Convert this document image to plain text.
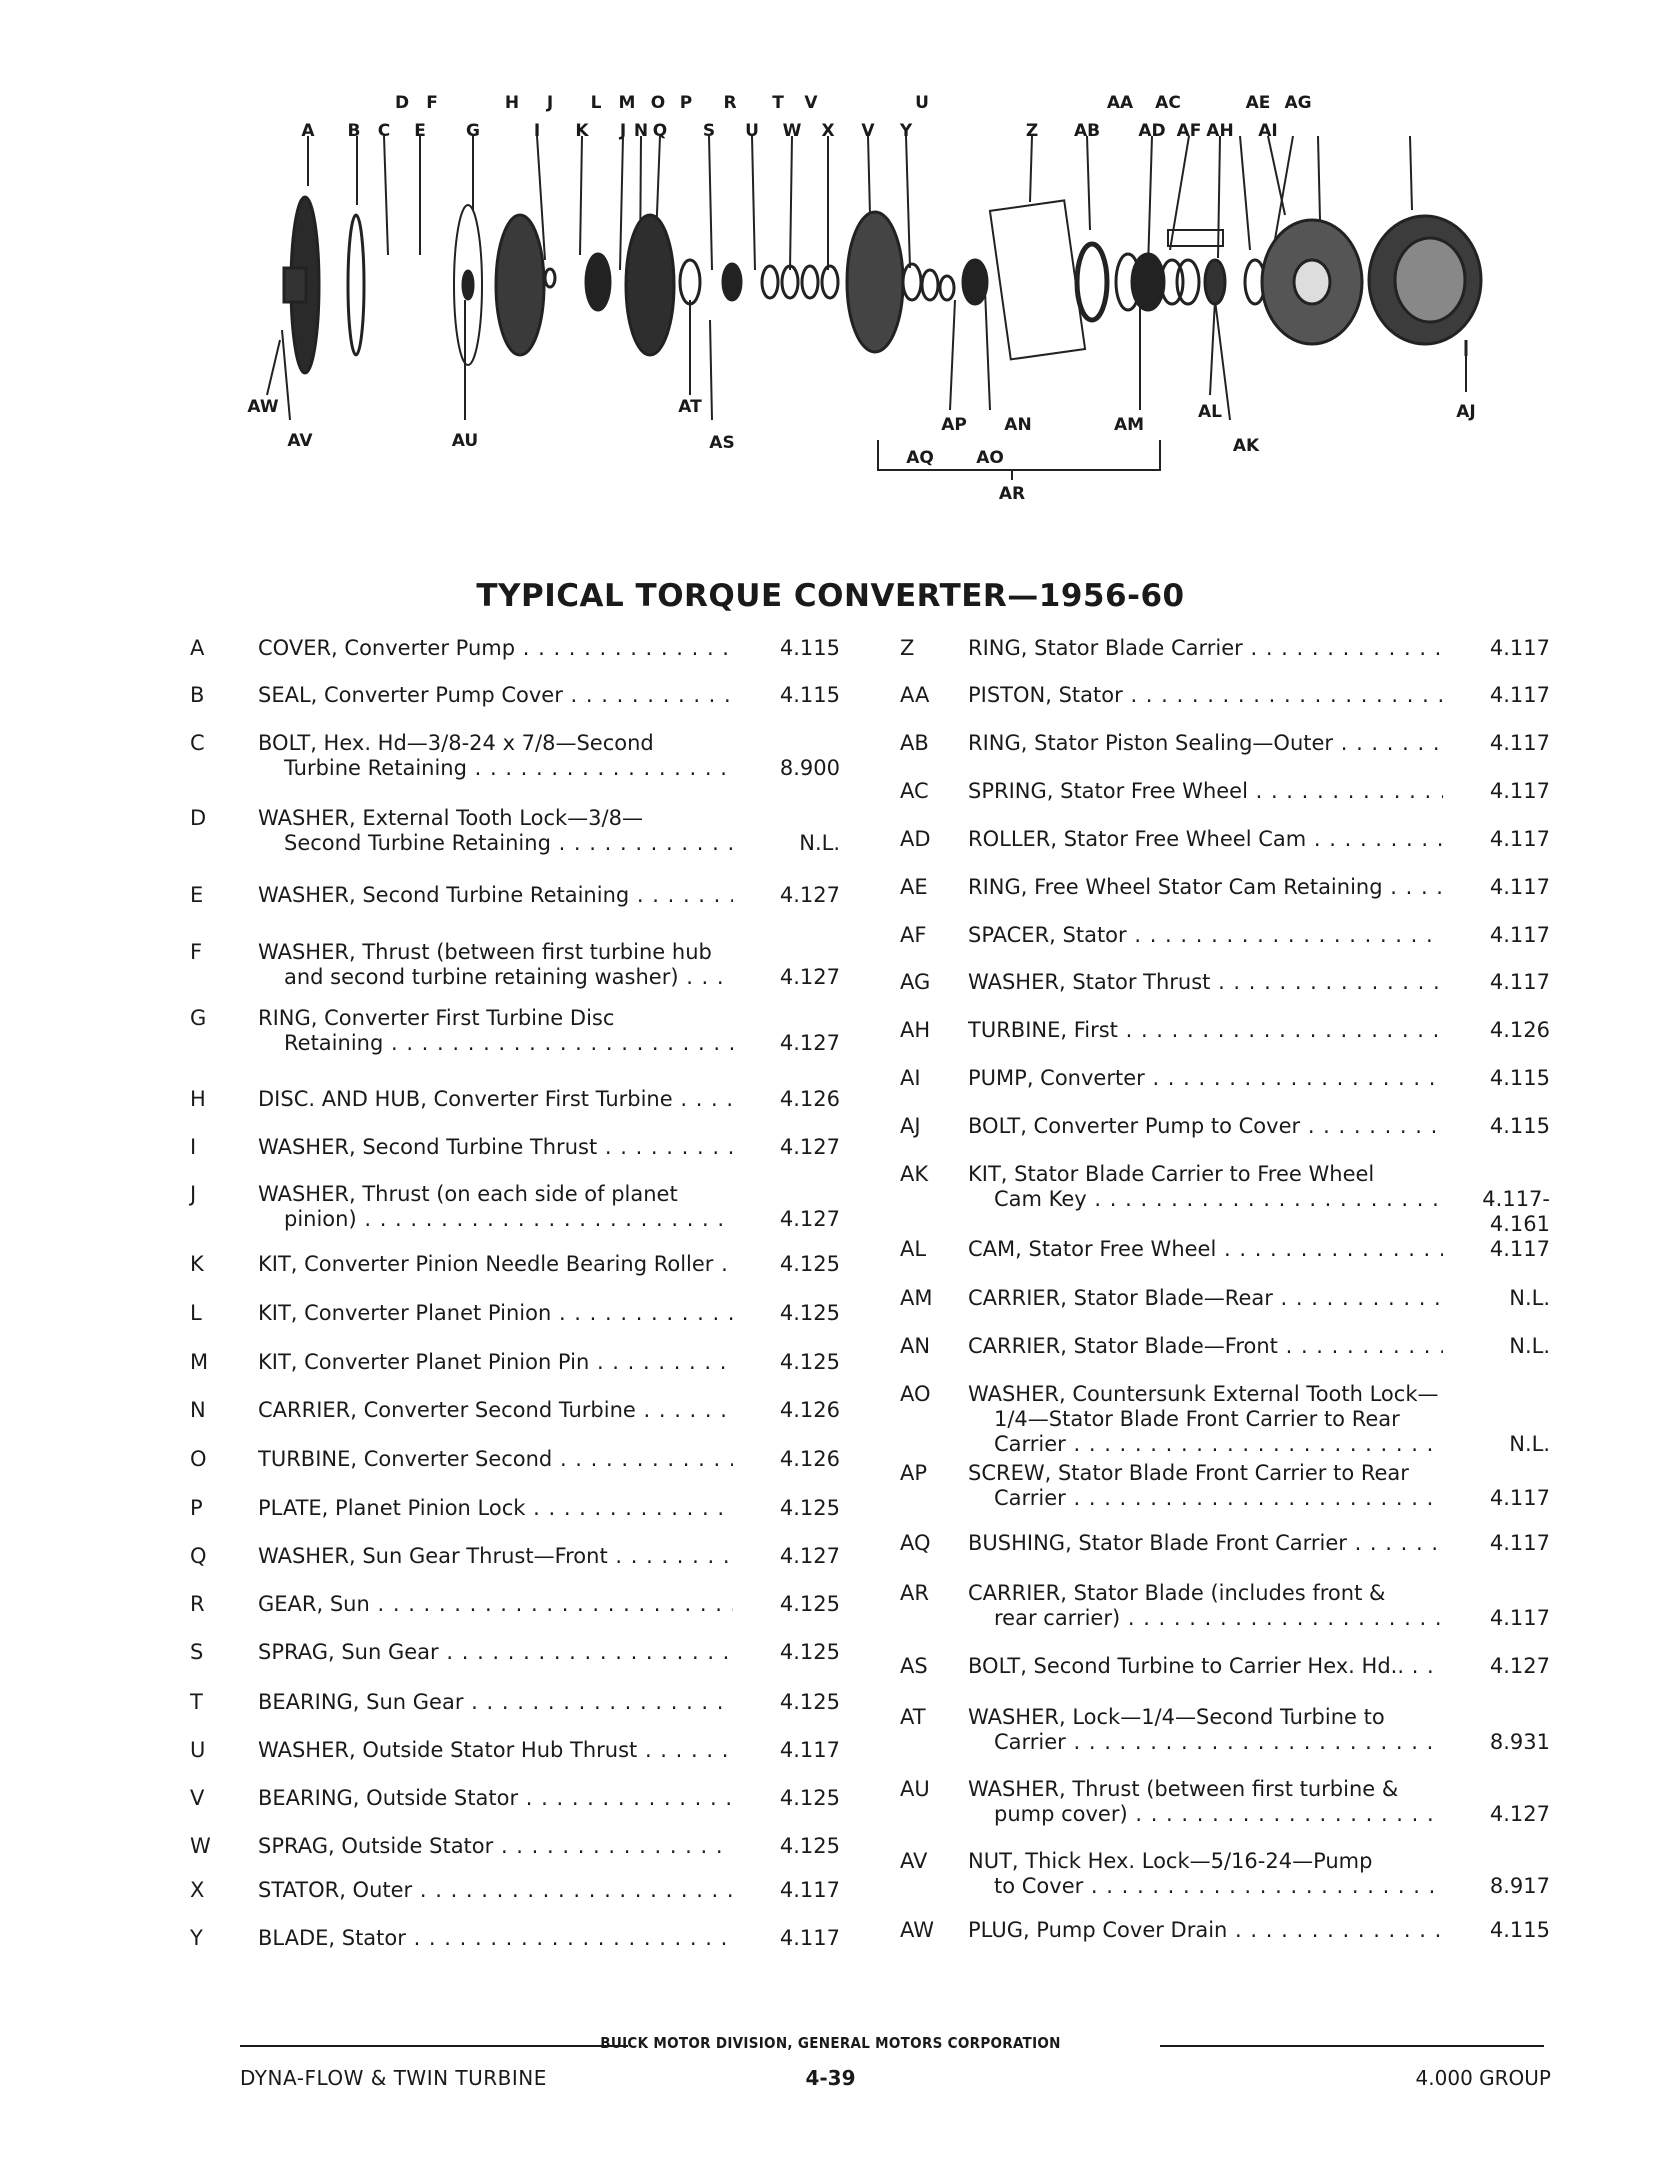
D F	H J L M O P R T V	U	AA AC	AE AG
A B C E G	I K J N Q S U W X V Y	Z AB AD AF AH AI
AW
AV	AU
AT
AS
AP AN	AM
AL
AK
AJ
AQ AO
AR
TYPICAL TORQUE CONVERTER—1956-60
A	COVER, Converter Pump . . .	4.115
B	SEAL, Converter Pump Cover . . .	4.115
C	BOLT, Hex. Hd—3/8-24 x 7/8—Second
Turbine Retaining . . .	8.900
D	WASHER, External Tooth Lock—3/8—
Second Turbine Retaining . . .	N.L.
E	WASHER, Second Turbine Retaining . . .	4.127
F	WASHER, Thrust (between first turbine hub
and second turbine retaining washer) . . .	4.127
G	RING, Converter First Turbine Disc
Retaining . . .	4.127
H	DISC. AND HUB, Converter First Turbine . . .	4.126
I	WASHER, Second Turbine Thrust . . .	4.127
J	WASHER, Thrust (on each side of planet
pinion) . . .	4.127
K	KIT, Converter Pinion Needle Bearing Roller . . .	4.125
L	KIT, Converter Planet Pinion . . .	4.125
M	KIT, Converter Planet Pinion Pin . . .	4.125
N	CARRIER, Converter Second Turbine . . .	4.126
O	TURBINE, Converter Second . . .	4.126
P	PLATE, Planet Pinion Lock . . .	4.125
Q	WASHER, Sun Gear Thrust—Front . . .	4.127
R	GEAR, Sun . . .	4.125
S	SPRAG, Sun Gear . . .	4.125
T	BEARING, Sun Gear . . .	4.125
U	WASHER, Outside Stator Hub Thrust . . .	4.117
V	BEARING, Outside Stator . . .	4.125
W	SPRAG, Outside Stator . . .	4.125
X	STATOR, Outer . . .	4.117
Y	BLADE, Stator . . .	4.117
Z	RING, Stator Blade Carrier . . .	4.117
AA	PISTON, Stator . . .	4.117
AB	RING, Stator Piston Sealing—Outer . . .	4.117
AC	SPRING, Stator Free Wheel . . .	4.117
AD	ROLLER, Stator Free Wheel Cam . . .	4.117
AE	RING, Free Wheel Stator Cam Retaining . . .	4.117
AF	SPACER, Stator . . .	4.117
AG	WASHER, Stator Thrust . . .	4.117
AH	TURBINE, First . . .	4.126
AI	PUMP, Converter . . .	4.115
AJ	BOLT, Converter Pump to Cover . . .	4.115
AK	KIT, Stator Blade Carrier to Free Wheel
Cam Key . . .	4.117-4.161
AL	CAM, Stator Free Wheel . . .	4.117
AM	CARRIER, Stator Blade—Rear . . .	N.L.
AN	CARRIER, Stator Blade—Front . . .	N.L.
AO	WASHER, Countersunk External Tooth Lock—
1/4—Stator Blade Front Carrier to Rear
Carrier . . .	N.L.
AP	SCREW, Stator Blade Front Carrier to Rear
Carrier . . .	4.117
AQ	BUSHING, Stator Blade Front Carrier . . .	4.117
AR	CARRIER, Stator Blade (includes front &
rear carrier) . . .	4.117
AS	BOLT, Second Turbine to Carrier Hex. Hd.. . . .	4.127
AT	WASHER, Lock—1/4—Second Turbine to
Carrier . . .	8.931
AU	WASHER, Thrust (between first turbine &
pump cover) . . .	4.127
AV	NUT, Thick Hex. Lock—5/16-24—Pump
to Cover . . .	8.917
AW	PLUG, Pump Cover Drain . . .	4.115
BUICK MOTOR DIVISION, GENERAL MOTORS CORPORATION
DYNA-FLOW & TWIN TURBINE	4-39	4.000 GROUP
